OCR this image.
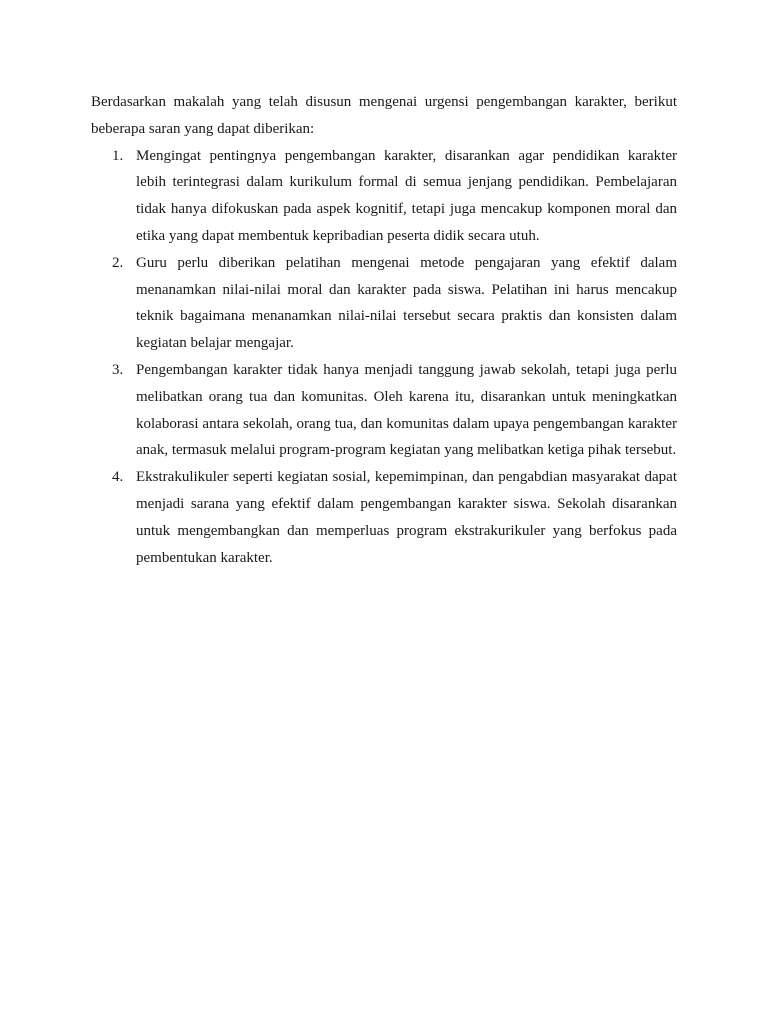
Berdasarkan makalah yang telah disusun mengenai urgensi pengembangan karakter, berikut beberapa saran yang dapat diberikan:

1. Mengingat pentingnya pengembangan karakter, disarankan agar pendidikan karakter lebih terintegrasi dalam kurikulum formal di semua jenjang pendidikan. Pembelajaran tidak hanya difokuskan pada aspek kognitif, tetapi juga mencakup komponen moral dan etika yang dapat membentuk kepribadian peserta didik secara utuh.
2. Guru perlu diberikan pelatihan mengenai metode pengajaran yang efektif dalam menanamkan nilai-nilai moral dan karakter pada siswa. Pelatihan ini harus mencakup teknik bagaimana menanamkan nilai-nilai tersebut secara praktis dan konsisten dalam kegiatan belajar mengajar.
3. Pengembangan karakter tidak hanya menjadi tanggung jawab sekolah, tetapi juga perlu melibatkan orang tua dan komunitas. Oleh karena itu, disarankan untuk meningkatkan kolaborasi antara sekolah, orang tua, dan komunitas dalam upaya pengembangan karakter anak, termasuk melalui program-program kegiatan yang melibatkan ketiga pihak tersebut.
4. Ekstrakulikuler seperti kegiatan sosial, kepemimpinan, dan pengabdian masyarakat dapat menjadi sarana yang efektif dalam pengembangan karakter siswa. Sekolah disarankan untuk mengembangkan dan memperluas program ekstrakurikuler yang berfokus pada pembentukan karakter.
